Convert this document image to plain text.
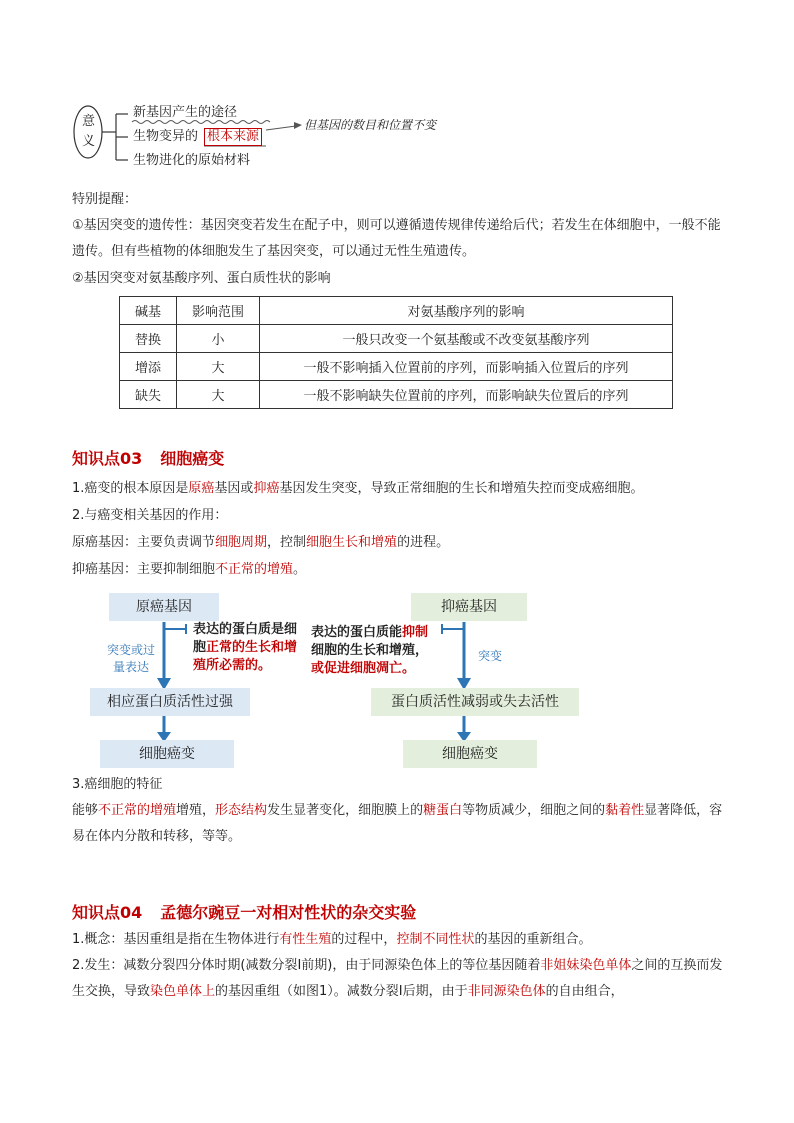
意
义
新基因产生的途径
生物变异的 根本来源
生物进化的原始材料
但基因的数目和位置不变
特别提醒：
①基因突变的遗传性：基因突变若发生在配子中，则可以遵循遗传规律传递给后代；若发生在体细胞中，一般不能遗传。但有些植物的体细胞发生了基因突变，可以通过无性生殖遗传。
②基因突变对氨基酸序列、蛋白质性状的影响
碱基	影响范围	对氨基酸序列的影响
替换	小	一般只改变一个氨基酸或不改变氨基酸序列
增添	大	一般不影响插入位置前的序列，而影响插入位置后的序列
缺失	大	一般不影响缺失位置前的序列，而影响缺失位置后的序列
知识点03 细胞癌变
1.癌变的根本原因是原癌基因或抑癌基因发生突变，导致正常细胞的生长和增殖失控而变成癌细胞。
2.与癌变相关基因的作用：
原癌基因：主要负责调节细胞周期，控制细胞生长和增殖的进程。
抑癌基因：主要抑制细胞不正常的增殖。
原癌基因	抑癌基因
突变或过
量表达
突变
表达的蛋白质是细
胞正常的生长和增
殖所必需的。
表达的蛋白质能抑制
细胞的生长和增殖，
或促进细胞凋亡。
相应蛋白质活性过强	蛋白质活性减弱或失去活性
细胞癌变	细胞癌变
3.癌细胞的特征
能够不正常的增殖增殖，形态结构发生显著变化，细胞膜上的糖蛋白等物质减少，细胞之间的黏着性显著降低，容易在体内分散和转移，等等。
知识点04 孟德尔豌豆一对相对性状的杂交实验
1.概念：基因重组是指在生物体进行有性生殖的过程中，控制不同性状的基因的重新组合。
2.发生：减数分裂四分体时期(减数分裂Ⅰ前期)，由于同源染色体上的等位基因随着非姐妹染色单体之间的互换而发生交换，导致染色单体上的基因重组（如图1）。减数分裂Ⅰ后期，由于非同源染色体的自由组合，
